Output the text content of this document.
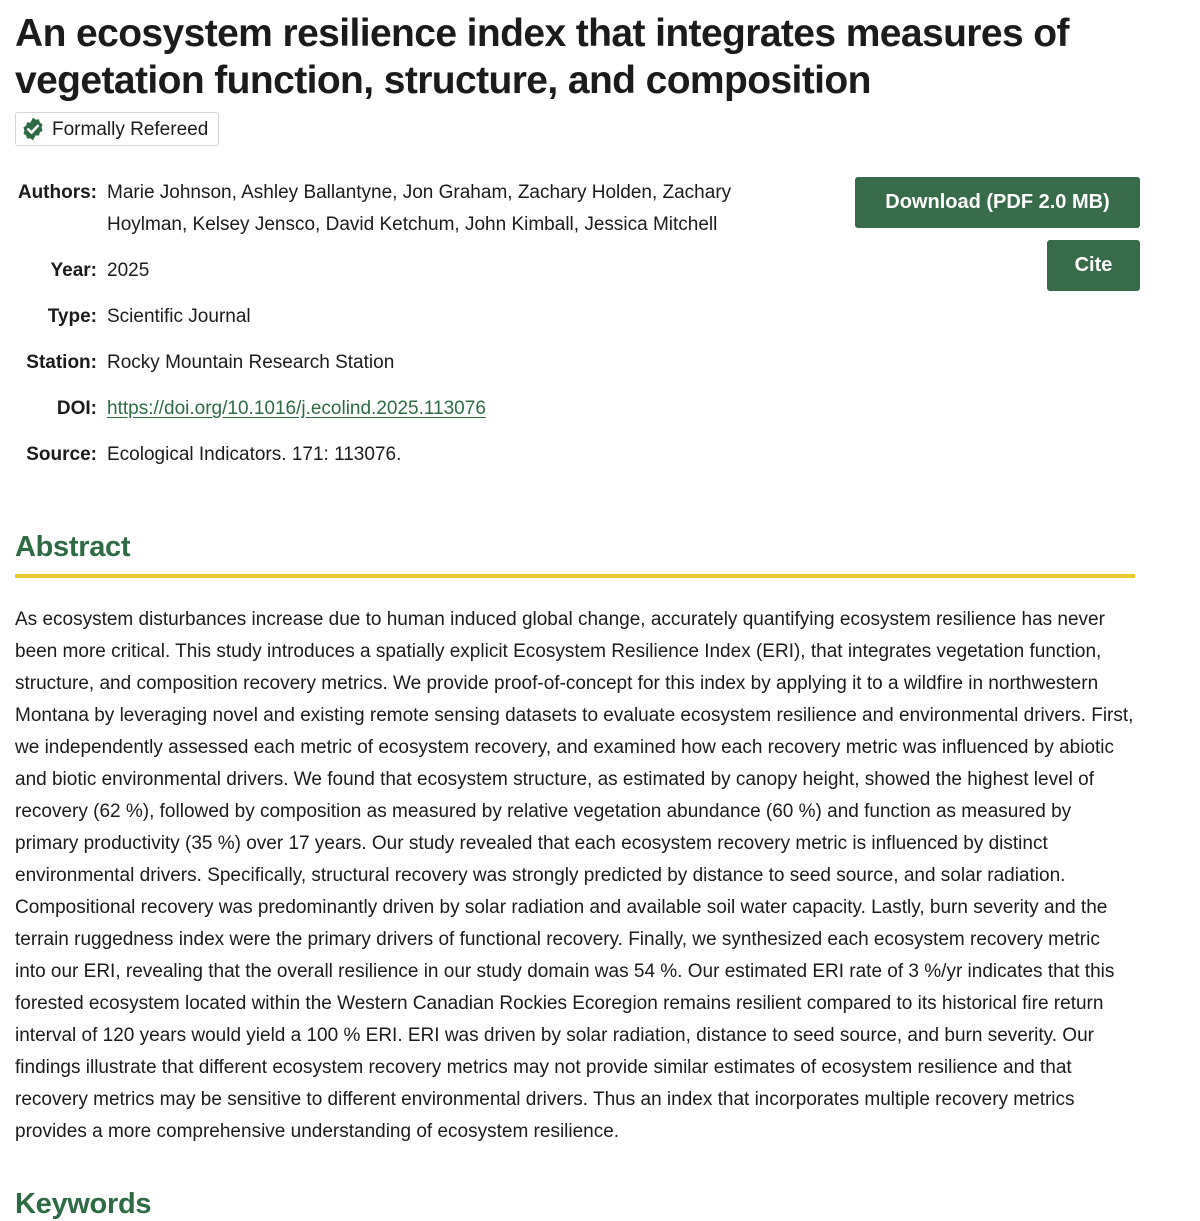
An ecosystem resilience index that integrates measures of vegetation function, structure, and composition
Formally Refereed
Authors: Marie Johnson, Ashley Ballantyne, Jon Graham, Zachary Holden, Zachary Hoylman, Kelsey Jensco, David Ketchum, John Kimball, Jessica Mitchell
Year: 2025
Type: Scientific Journal
Station: Rocky Mountain Research Station
DOI: https://doi.org/10.1016/j.ecolind.2025.113076
Source: Ecological Indicators. 171: 113076.
Download (PDF 2.0 MB)
Cite
Abstract

As ecosystem disturbances increase due to human induced global change, accurately quantifying ecosystem resilience has never been more critical. This study introduces a spatially explicit Ecosystem Resilience Index (ERI), that integrates vegetation function, structure, and composition recovery metrics. We provide proof-of-concept for this index by applying it to a wildfire in northwestern Montana by leveraging novel and existing remote sensing datasets to evaluate ecosystem resilience and environmental drivers. First, we independently assessed each metric of ecosystem recovery, and examined how each recovery metric was influenced by abiotic and biotic environmental drivers. We found that ecosystem structure, as estimated by canopy height, showed the highest level of recovery (62 %), followed by composition as measured by relative vegetation abundance (60 %) and function as measured by primary productivity (35 %) over 17 years. Our study revealed that each ecosystem recovery metric is influenced by distinct environmental drivers. Specifically, structural recovery was strongly predicted by distance to seed source, and solar radiation. Compositional recovery was predominantly driven by solar radiation and available soil water capacity. Lastly, burn severity and the terrain ruggedness index were the primary drivers of functional recovery. Finally, we synthesized each ecosystem recovery metric into our ERI, revealing that the overall resilience in our study domain was 54 %. Our estimated ERI rate of 3 %/yr indicates that this forested ecosystem located within the Western Canadian Rockies Ecoregion remains resilient compared to its historical fire return interval of 120 years would yield a 100 % ERI. ERI was driven by solar radiation, distance to seed source, and burn severity. Our findings illustrate that different ecosystem recovery metrics may not provide similar estimates of ecosystem resilience and that recovery metrics may be sensitive to different environmental drivers. Thus an index that incorporates multiple recovery metrics provides a more comprehensive understanding of ecosystem resilience.

Keywords
